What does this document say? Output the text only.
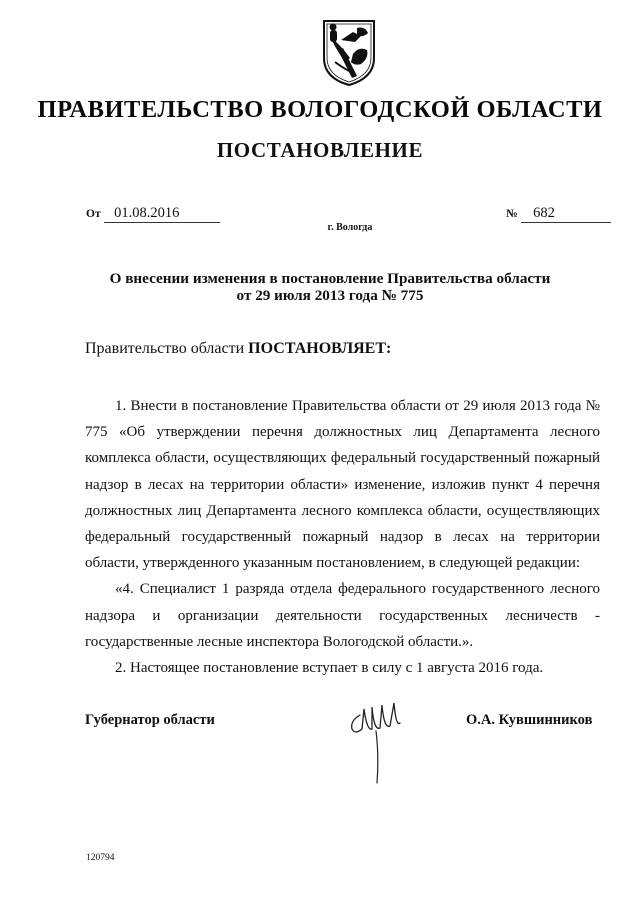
ПРАВИТЕЛЬСТВО ВОЛОГОДСКОЙ ОБЛАСТИ
ПОСТАНОВЛЕНИЕ
От 01.08.2016	№ 682
г. Вологда
О внесении изменения в постановление Правительства области
от 29 июля 2013 года № 775
Правительство области ПОСТАНОВЛЯЕТ:

1. Внести в постановление Правительства области от 29 июля 2013 года № 775 «Об утверждении перечня должностных лиц Департамента лесного комплекса области, осуществляющих федеральный государственный пожарный надзор в лесах на территории области» изменение, изложив пункт 4 перечня должностных лиц Департамента лесного комплекса области, осуществляющих федеральный государственный пожарный надзор в лесах на территории области, утвержденного указанным постановлением, в следующей редакции:

«4. Специалист 1 разряда отдела федерального государственного лесного надзора и организации деятельности государственных лесничеств - государственные лесные инспектора Вологодской области.».

2. Настоящее постановление вступает в силу с 1 августа 2016 года.

Губернатор области	О.А. Кувшинников
120794
